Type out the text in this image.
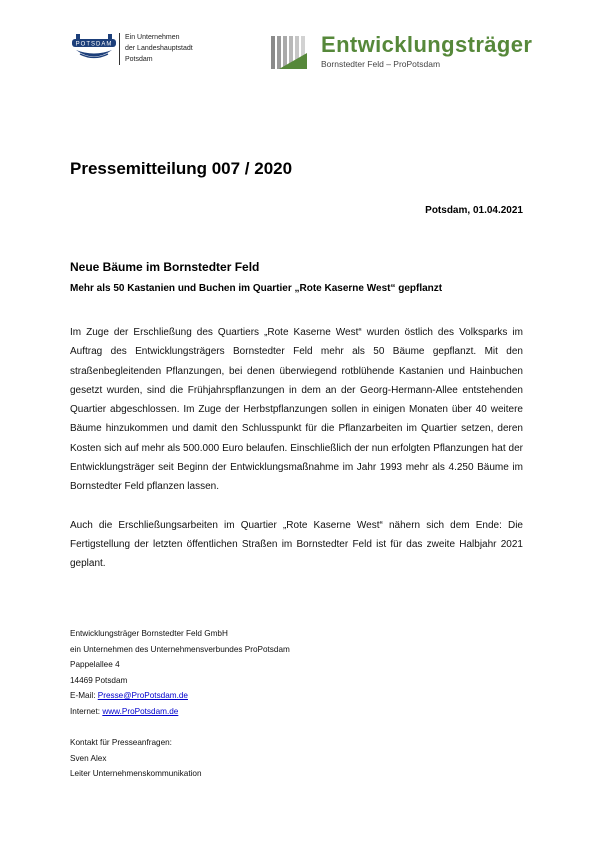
POTSDAM
Ein Unternehmen
der Landeshauptstadt
Potsdam
Entwicklungsträger
Bornstedter Feld – ProPotsdam
Pressemitteilung 007 / 2020
Potsdam, 01.04.2021
Neue Bäume im Bornstedter Feld
Mehr als 50 Kastanien und Buchen im Quartier „Rote Kaserne West“ gepflanzt

Im Zuge der Erschließung des Quartiers „Rote Kaserne West“ wurden östlich des Volksparks im Auftrag des Entwicklungsträgers Bornstedter Feld mehr als 50 Bäume gepflanzt. Mit den straßenbegleitenden Pflanzungen, bei denen überwiegend rotblühende Kastanien und Hainbuchen gesetzt wurden, sind die Frühjahrspflanzungen in dem an der Georg-Hermann-Allee entstehenden Quartier abgeschlossen. Im Zuge der Herbstpflanzungen sollen in einigen Monaten über 40 weitere Bäume hinzukommen und damit den Schlusspunkt für die Pflanzarbeiten im Quartier setzen, deren Kosten sich auf mehr als 500.000 Euro belaufen. Einschließlich der nun erfolgten Pflanzungen hat der Entwicklungsträger seit Beginn der Entwicklungsmaßnahme im Jahr 1993 mehr als 4.250 Bäume im Bornstedter Feld pflanzen lassen.

Auch die Erschließungsarbeiten im Quartier „Rote Kaserne West“ nähern sich dem Ende: Die Fertigstellung der letzten öffentlichen Straßen im Bornstedter Feld ist für das zweite Halbjahr 2021 geplant.

Entwicklungsträger Bornstedter Feld GmbH
ein Unternehmen des Unternehmensverbundes ProPotsdam
Pappelallee 4
14469 Potsdam
E-Mail: Presse@ProPotsdam.de
Internet: www.ProPotsdam.de
Kontakt für Presseanfragen:
Sven Alex
Leiter Unternehmenskommunikation
